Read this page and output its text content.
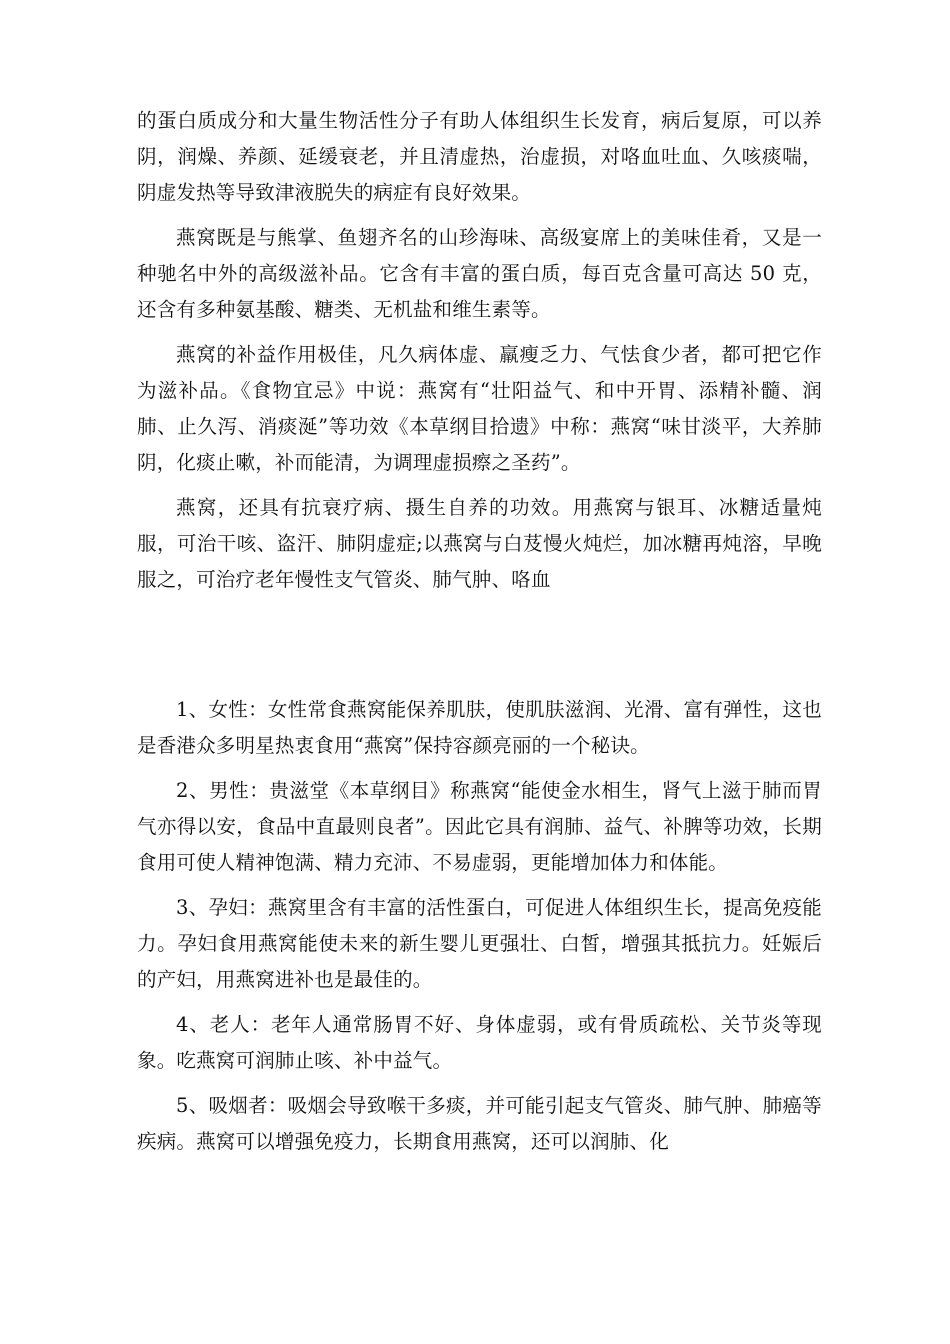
的蛋白质成分和大量生物活性分子有助人体组织生长发育，病后复原，可以养阴，润燥、养颜、延缓衰老，并且清虚热，治虚损，对咯血吐血、久咳痰喘，阴虚发热等导致津液脱失的病症有良好效果。

燕窝既是与熊掌、鱼翅齐名的山珍海味、高级宴席上的美味佳肴，又是一种驰名中外的高级滋补品。它含有丰富的蛋白质，每百克含量可高达 50 克，还含有多种氨基酸、糖类、无机盐和维生素等。

燕窝的补益作用极佳，凡久病体虚、羸瘦乏力、气怯食少者，都可把它作为滋补品。《食物宜忌》中说：燕窝有“壮阳益气、和中开胃、添精补髓、润肺、止久泻、消痰涎”等功效《本草纲目拾遗》中称：燕窝“味甘淡平，大养肺阴，化痰止嗽，补而能清，为调理虚损瘵之圣药”。

燕窝，还具有抗衰疗病、摄生自养的功效。用燕窝与银耳、冰糖适量炖服，可治干咳、盗汗、肺阴虚症;以燕窝与白芨慢火炖烂，加冰糖再炖溶，早晚服之，可治疗老年慢性支气管炎、肺气肿、咯血

1、女性：女性常食燕窝能保养肌肤，使肌肤滋润、光滑、富有弹性，这也是香港众多明星热衷食用“燕窝”保持容颜亮丽的一个秘诀。

2、男性：贵滋堂《本草纲目》称燕窝“能使金水相生，肾气上滋于肺而胃气亦得以安，食品中直最则良者”。因此它具有润肺、益气、补脾等功效，长期食用可使人精神饱满、精力充沛、不易虚弱，更能增加体力和体能。

3、孕妇：燕窝里含有丰富的活性蛋白，可促进人体组织生长，提高免疫能力。孕妇食用燕窝能使未来的新生婴儿更强壮、白皙，增强其抵抗力。妊娠后的产妇，用燕窝进补也是最佳的。

4、老人：老年人通常肠胃不好、身体虚弱，或有骨质疏松、关节炎等现象。吃燕窝可润肺止咳、补中益气。

5、吸烟者：吸烟会导致喉干多痰，并可能引起支气管炎、肺气肿、肺癌等疾病。燕窝可以增强免疫力，长期食用燕窝，还可以润肺、化
